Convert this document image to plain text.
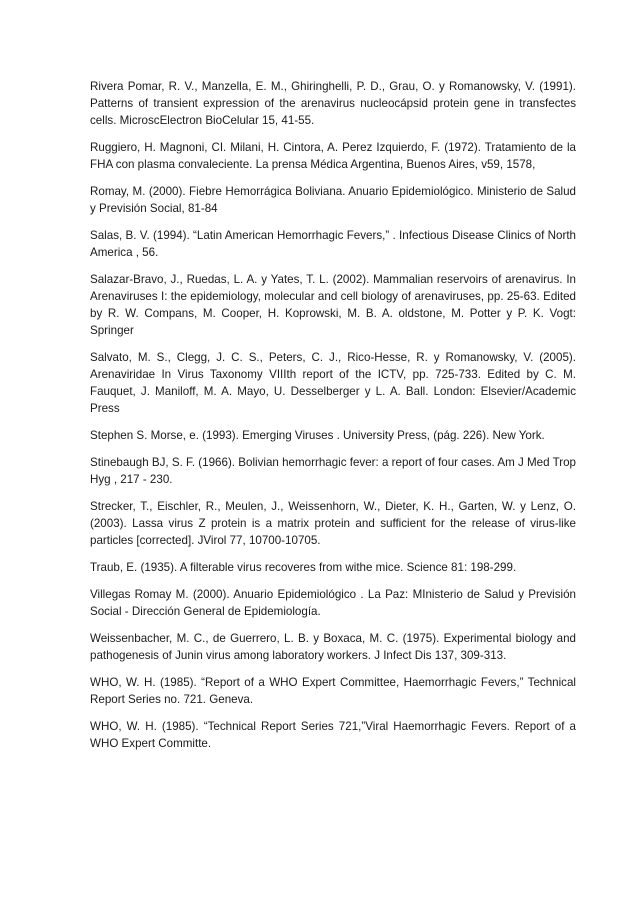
Rivera Pomar, R. V., Manzella, E. M., Ghiringhelli, P. D., Grau, O. y Romanowsky, V. (1991). Patterns of transient expression of the arenavirus nucleocápsid protein gene in transfectes cells. MicroscElectron BioCelular 15, 41-55.

Ruggiero, H. Magnoni, CI. Milani, H. Cintora, A. Perez Izquierdo, F. (1972). Tratamiento de la FHA con plasma convaleciente. La prensa Médica Argentina, Buenos Aires, v59, 1578,

Romay, M. (2000). Fiebre Hemorrágica Boliviana. Anuario Epidemiológico. Ministerio de Salud y Previsión Social, 81-84

Salas, B. V. (1994). “Latin American Hemorrhagic Fevers,” . Infectious Disease Clinics of North America , 56.

Salazar-Bravo, J., Ruedas, L. A. y Yates, T. L. (2002). Mammalian reservoirs of arenavirus. In Arenaviruses I: the epidemiology, molecular and cell biology of arenaviruses, pp. 25-63. Edited by R. W. Compans, M. Cooper, H. Koprowski, M. B. A. oldstone, M. Potter y P. K. Vogt: Springer

Salvato, M. S., Clegg, J. C. S., Peters, C. J., Rico-Hesse, R. y Romanowsky, V. (2005). Arenaviridae In Virus Taxonomy VIIIth report of the ICTV, pp. 725-733. Edited by C. M. Fauquet, J. Maniloff, M. A. Mayo, U. Desselberger y L. A. Ball. London: Elsevier/Academic Press

Stephen S. Morse, e. (1993). Emerging Viruses . University Press, (pág. 226). New York.

Stinebaugh BJ, S. F. (1966). Bolivian hemorrhagic fever: a report of four cases. Am J Med Trop Hyg , 217 - 230.

Strecker, T., Eischler, R., Meulen, J., Weissenhorn, W., Dieter, K. H., Garten, W. y Lenz, O. (2003). Lassa virus Z protein is a matrix protein and sufficient for the release of virus-like particles [corrected]. JVirol 77, 10700-10705.

Traub, E. (1935). A filterable virus recoveres from withe mice. Science 81: 198-299.

Villegas Romay M. (2000). Anuario Epidemiológico . La Paz: MInisterio de Salud y Previsión Social - Dirección General de Epidemiología.

Weissenbacher, M. C., de Guerrero, L. B. y Boxaca, M. C. (1975). Experimental biology and pathogenesis of Junin virus among laboratory workers. J Infect Dis 137, 309-313.

WHO, W. H. (1985). “Report of a WHO Expert Committee, Haemorrhagic Fevers,” Technical Report Series no. 721. Geneva.

WHO, W. H. (1985). “Technical Report Series 721,”Viral Haemorrhagic Fevers. Report of a WHO Expert Committe.
